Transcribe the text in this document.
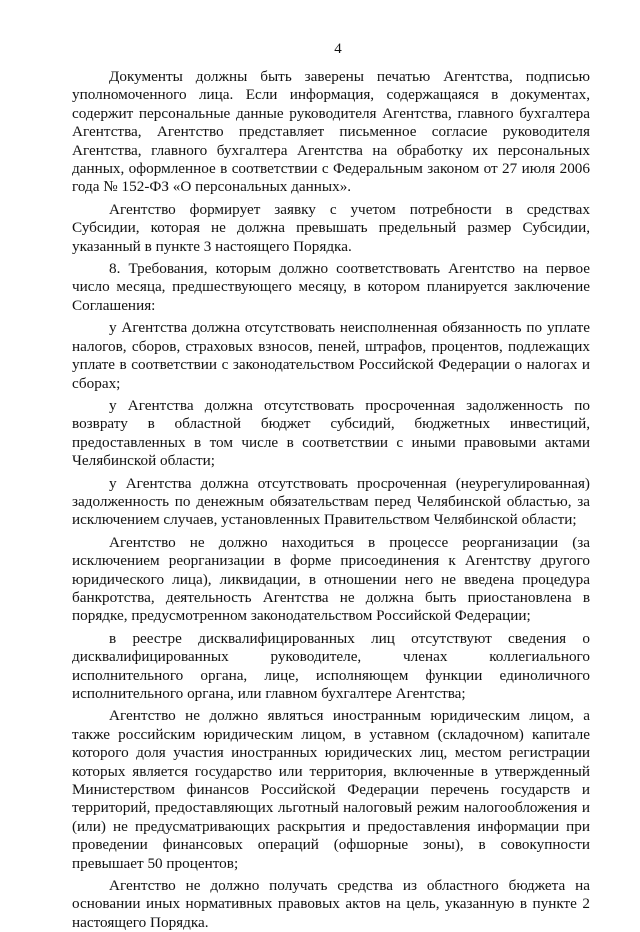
4

Документы должны быть заверены печатью Агентства, подписью уполномоченного лица. Если информация, содержащаяся в документах, содержит персональные данные руководителя Агентства, главного бухгалтера Агентства, Агентство представляет письменное согласие руководителя Агентства, главного бухгалтера Агентства на обработку их персональных данных, оформленное в соответствии с Федеральным законом от 27 июля 2006 года № 152-ФЗ «О персональных данных».

Агентство формирует заявку с учетом потребности в средствах Субсидии, которая не должна превышать предельный размер Субсидии, указанный в пункте 3 настоящего Порядка.

8. Требования, которым должно соответствовать Агентство на первое число месяца, предшествующего месяцу, в котором планируется заключение Соглашения:

у Агентства должна отсутствовать неисполненная обязанность по уплате налогов, сборов, страховых взносов, пеней, штрафов, процентов, подлежащих уплате в соответствии с законодательством Российской Федерации о налогах и сборах;

у Агентства должна отсутствовать просроченная задолженность по возврату в областной бюджет субсидий, бюджетных инвестиций, предоставленных в том числе в соответствии с иными правовыми актами Челябинской области;

у Агентства должна отсутствовать просроченная (неурегулированная) задолженность по денежным обязательствам перед Челябинской областью, за исключением случаев, установленных Правительством Челябинской области;

Агентство не должно находиться в процессе реорганизации (за исключением реорганизации в форме присоединения к Агентству другого юридического лица), ликвидации, в отношении него не введена процедура банкротства, деятельность Агентства не должна быть приостановлена в порядке, предусмотренном законодательством Российской Федерации;

в реестре дисквалифицированных лиц отсутствуют сведения о дисквалифицированных руководителе, членах коллегиального исполнительного органа, лице, исполняющем функции единоличного исполнительного органа, или главном бухгалтере Агентства;

Агентство не должно являться иностранным юридическим лицом, а также российским юридическим лицом, в уставном (складочном) капитале которого доля участия иностранных юридических лиц, местом регистрации которых является государство или территория, включенные в утвержденный Министерством финансов Российской Федерации перечень государств и территорий, предоставляющих льготный налоговый режим налогообложения и (или) не предусматривающих раскрытия и предоставления информации при проведении финансовых операций (офшорные зоны), в совокупности превышает 50 процентов;

Агентство не должно получать средства из областного бюджета на основании иных нормативных правовых актов на цель, указанную в пункте 2 настоящего Порядка.
